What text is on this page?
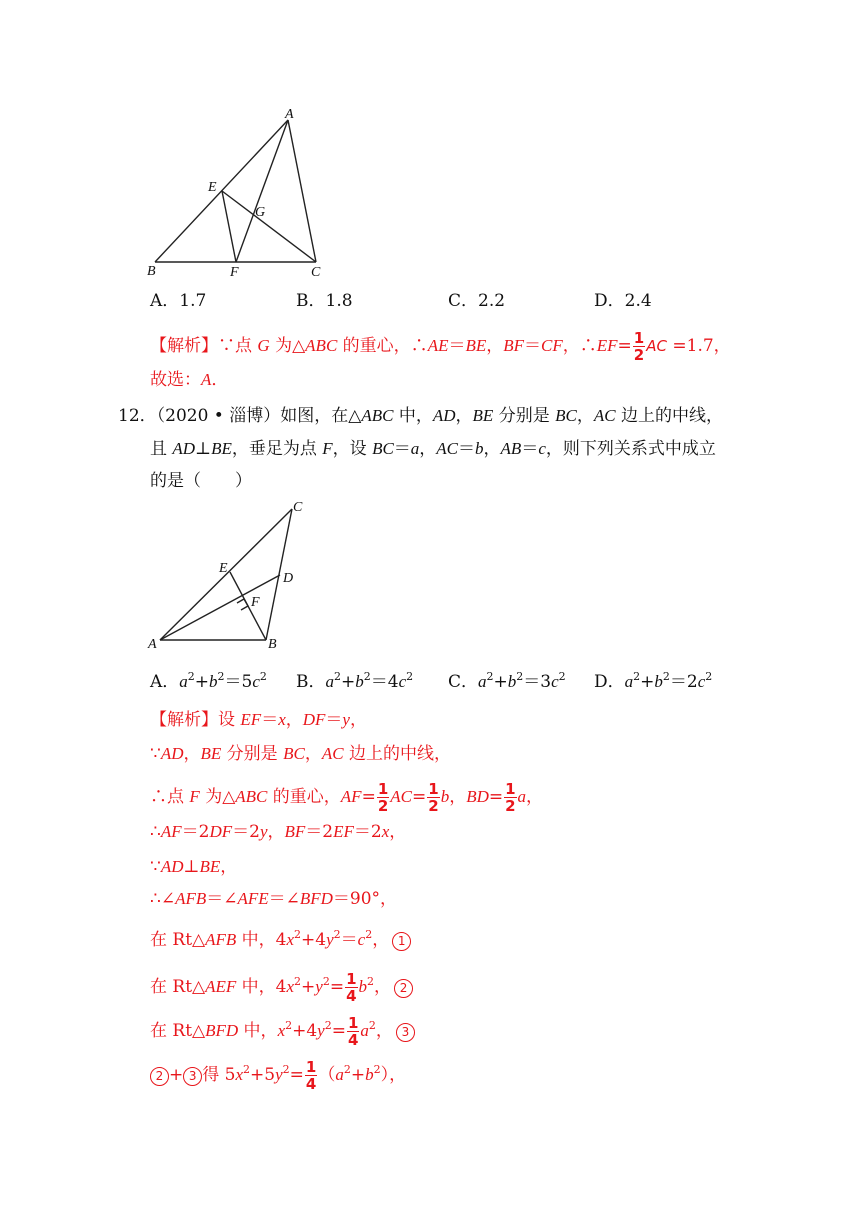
A
E
G
B	F	C
A．1.7	B．1.8	C．2.2	D．2.4
【解析】∵点 G 为△ABC 的重心，∴AE＝BE，BF＝CF，∴EF= $\frac{1}{2}$ AC =1.7，
故选：A．
12．（2020 • 淄博）如图，在△ABC 中，AD，BE 分别是 BC，AC 边上的中线，
且 AD⊥BE，垂足为点 F，设 BC＝a，AC＝b，AB＝c，则下列关系式中成立
的是（　　）
C
E
D
F
A	B
A．$a^2+b^2=5c^2$ B．$a^2+b^2=4c^2$ C．$a^2+b^2=3c^2$ D．$a^2+b^2=2c^2$
【解析】设 EF＝x，DF＝y，
∵AD，BE 分别是 BC，AC 边上的中线，
∴点 F 为△ABC 的重心，$AF= \frac{1}{2} AC= \frac{1}{2}$ b，$BD= \frac{1}{2}$ a，
∴AF＝2DF＝2y，BF＝2EF＝2x，
∵AD⊥BE，
∴∠AFB＝∠AFE＝∠BFD＝90°，
在 Rt△AFB 中，$4x^2+4y^2=c^2$， 1
在 Rt△AEF 中，$4x^2+y^2= \frac{1}{4} b^2$， 2
在 Rt△BFD 中，$x^2+4y^2= \frac{1}{4} a^2$， 3
2 + 3 得 $5x^2+5y^2= \frac{1}{4} (a^2+b^2)$，
